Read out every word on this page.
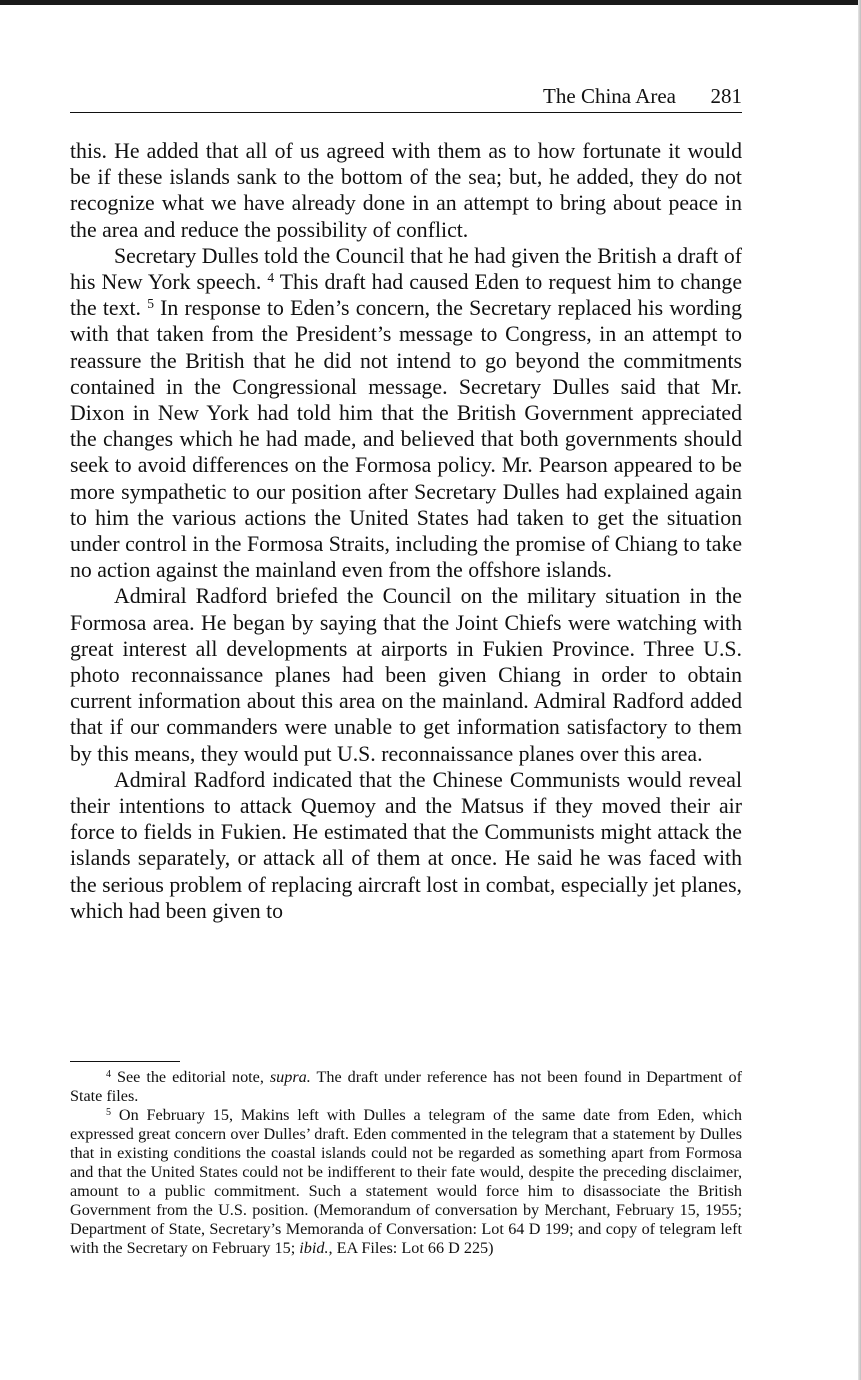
The China Area 281

this. He added that all of us agreed with them as to how fortunate it would be if these islands sank to the bottom of the sea; but, he added, they do not recognize what we have already done in an attempt to bring about peace in the area and reduce the possibility of conflict.

Secretary Dulles told the Council that he had given the British a draft of his New York speech. $^4$ This draft had caused Eden to request him to change the text. $^5$ In response to Eden’s concern, the Secretary replaced his wording with that taken from the President’s message to Congress, in an attempt to reassure the British that he did not intend to go beyond the commitments contained in the Congressional message. Secretary Dulles said that Mr. Dixon in New York had told him that the British Government appreciated the changes which he had made, and believed that both governments should seek to avoid differences on the Formosa policy. Mr. Pearson appeared to be more sympathetic to our position after Secretary Dulles had explained again to him the various actions the United States had taken to get the situation under control in the Formosa Straits, including the promise of Chiang to take no action against the mainland even from the offshore islands.

Admiral Radford briefed the Council on the military situation in the Formosa area. He began by saying that the Joint Chiefs were watching with great interest all developments at airports in Fukien Province. Three U.S. photo reconnaissance planes had been given Chiang in order to obtain current information about this area on the mainland. Admiral Radford added that if our commanders were unable to get information satisfactory to them by this means, they would put U.S. reconnaissance planes over this area.

Admiral Radford indicated that the Chinese Communists would reveal their intentions to attack Quemoy and the Matsus if they moved their air force to fields in Fukien. He estimated that the Communists might attack the islands separately, or attack all of them at once. He said he was faced with the serious problem of replacing aircraft lost in combat, especially jet planes, which had been given to

$^4$ See the editorial note, supra. The draft under reference has not been found in Department of State files.

$^5$ On February 15, Makins left with Dulles a telegram of the same date from Eden, which expressed great concern over Dulles’ draft. Eden commented in the telegram that a statement by Dulles that in existing conditions the coastal islands could not be regarded as something apart from Formosa and that the United States could not be indifferent to their fate would, despite the preceding disclaimer, amount to a public commitment. Such a statement would force him to disassociate the British Government from the U.S. position. (Memorandum of conversation by Merchant, February 15, 1955; Department of State, Secretary’s Memoranda of Conversation: Lot 64 D 199; and copy of telegram left with the Secretary on February 15; ibid., EA Files: Lot 66 D 225)
